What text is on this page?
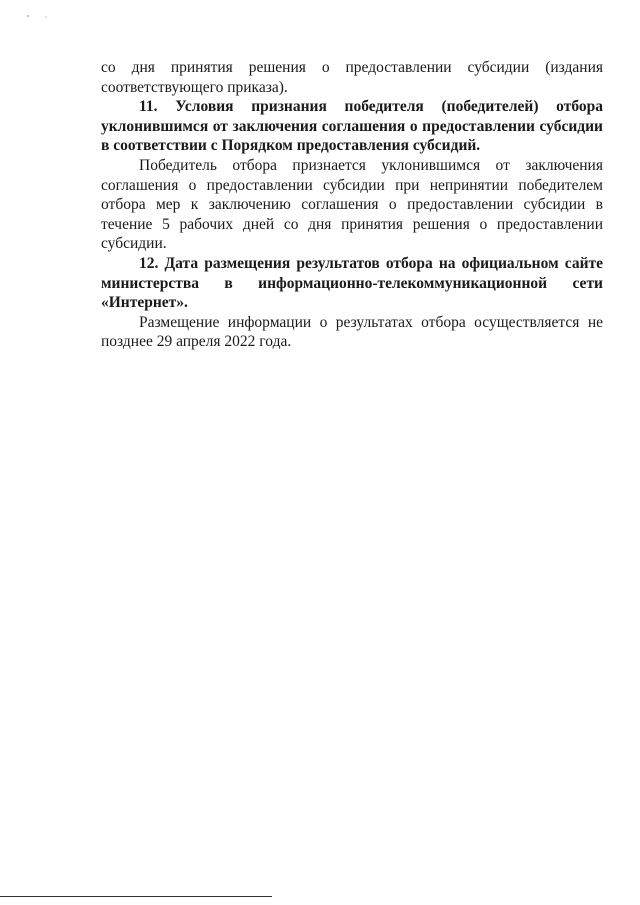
со дня принятия решения о предоставлении субсидии (издания соответствующего приказа).

11. Условия признания победителя (победителей) отбора уклонившимся от заключения соглашения о предоставлении субсидии в соответствии с Порядком предоставления субсидий.

Победитель отбора признается уклонившимся от заключения соглашения о предоставлении субсидии при непринятии победителем отбора мер к заключению соглашения о предоставлении субсидии в течение 5 рабочих дней со дня принятия решения о предоставлении субсидии.

12. Дата размещения результатов отбора на официальном сайте министерства в информационно-телекоммуникационной сети «Интернет».

Размещение информации о результатах отбора осуществляется не позднее 29 апреля 2022 года.
